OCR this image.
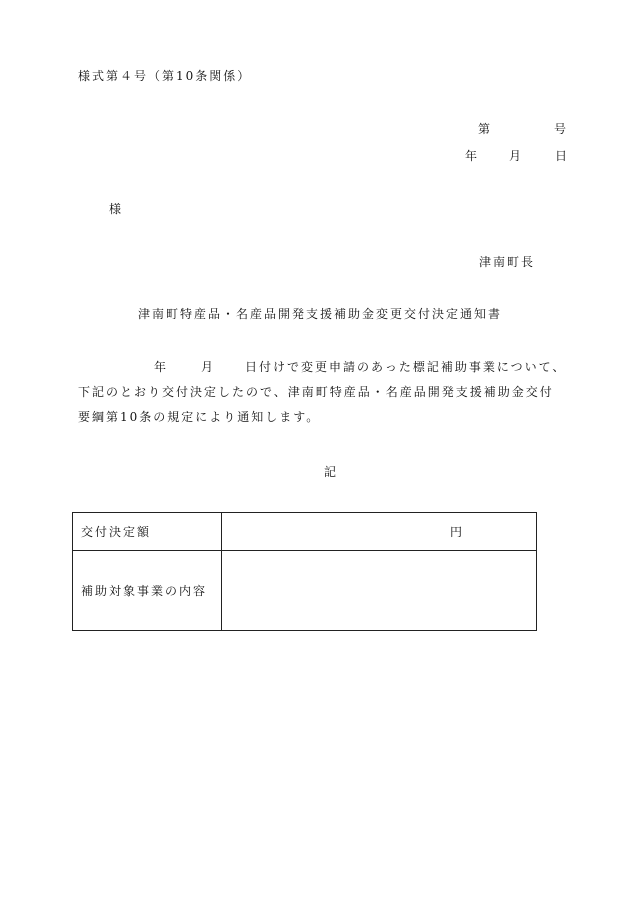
様式第４号（第10条関係）
第	号
年 月	日
様
津南町長
津南町特産品・名産品開発支援補助金変更交付決定通知書
年	月 日付けで変更申請のあった標記補助事業について、
下記のとおり交付決定したので、津南町特産品・名産品開発支援補助金交付
要綱第10条の規定により通知します。
記
交付決定額	円
補助対象事業の内容	
